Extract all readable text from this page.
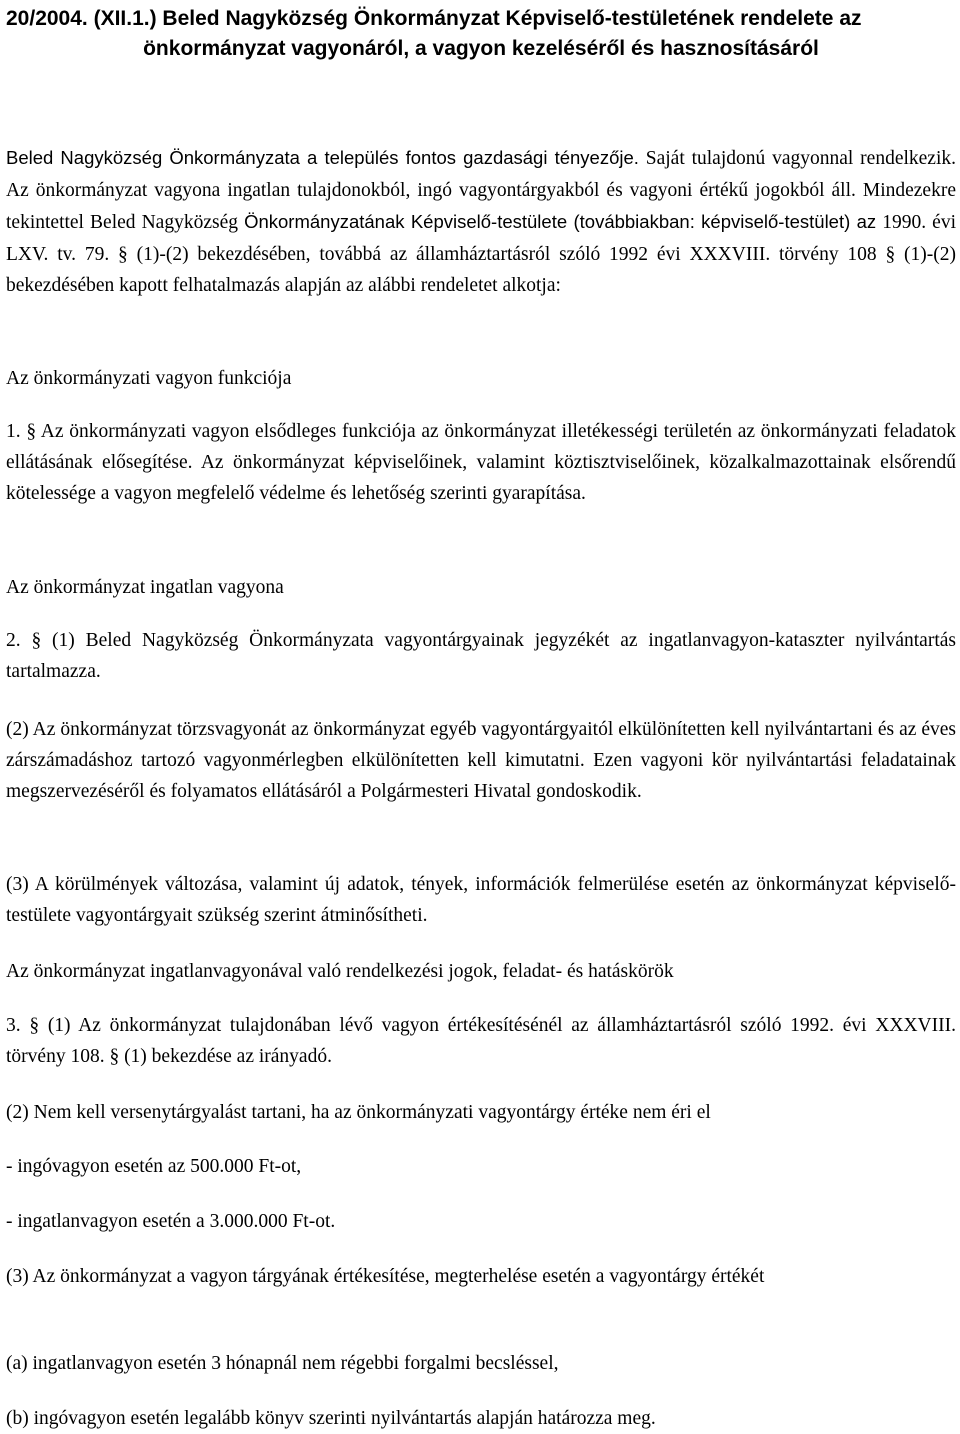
20/2004. (XII.1.) Beled Nagyközség Önkormányzat Képviselő-testületének rendelete az
önkormányzat vagyonáról, a vagyon kezeléséről és hasznosításáról
Beled Nagyközség Önkormányzata a település fontos gazdasági tényezője. Saját tulajdonú vagyonnal rendelkezik. Az önkormányzat vagyona ingatlan tulajdonokból, ingó vagyontárgyakból és vagyoni értékű jogokból áll. Mindezekre tekintettel Beled Nagyközség Önkormányzatának Képviselő-testülete (továbbiakban: képviselő-testület) az 1990. évi LXV. tv. 79. § (1)-(2) bekezdésében, továbbá az államháztartásról szóló 1992 évi XXXVIII. törvény 108 § (1)-(2) bekezdésében kapott felhatalmazás alapján az alábbi rendeletet alkotja:
Az önkormányzati vagyon funkciója
1. § Az önkormányzati vagyon elsődleges funkciója az önkormányzat illetékességi területén az önkormányzati feladatok ellátásának elősegítése. Az önkormányzat képviselőinek, valamint köztisztviselőinek, közalkalmazottainak elsőrendű kötelessége a vagyon megfelelő védelme és lehetőség szerinti gyarapítása.
Az önkormányzat ingatlan vagyona
2. § (1) Beled Nagyközség Önkormányzata vagyontárgyainak jegyzékét az ingatlanvagyon-kataszter nyilvántartás tartalmazza.
(2) Az önkormányzat törzsvagyonát az önkormányzat egyéb vagyontárgyaitól elkülönítetten kell nyilvántartani és az éves zárszámadáshoz tartozó vagyonmérlegben elkülönítetten kell kimutatni. Ezen vagyoni kör nyilvántartási feladatainak megszervezéséről és folyamatos ellátásáról a Polgármesteri Hivatal gondoskodik.
(3) A körülmények változása, valamint új adatok, tények, információk felmerülése esetén az önkormányzat képviselő-testülete vagyontárgyait szükség szerint átminősítheti.
Az önkormányzat ingatlanvagyonával való rendelkezési jogok, feladat- és hatáskörök
3. § (1) Az önkormányzat tulajdonában lévő vagyon értékesítésénél az államháztartásról szóló 1992. évi XXXVIII. törvény 108. § (1) bekezdése az irányadó.
(2) Nem kell versenytárgyalást tartani, ha az önkormányzati vagyontárgy értéke nem éri el
- ingóvagyon esetén az 500.000 Ft-ot,
- ingatlanvagyon esetén a 3.000.000 Ft-ot.
(3) Az önkormányzat a vagyon tárgyának értékesítése, megterhelése esetén a vagyontárgy értékét
(a) ingatlanvagyon esetén 3 hónapnál nem régebbi forgalmi becsléssel,
(b) ingóvagyon esetén legalább könyv szerinti nyilvántartás alapján határozza meg.
